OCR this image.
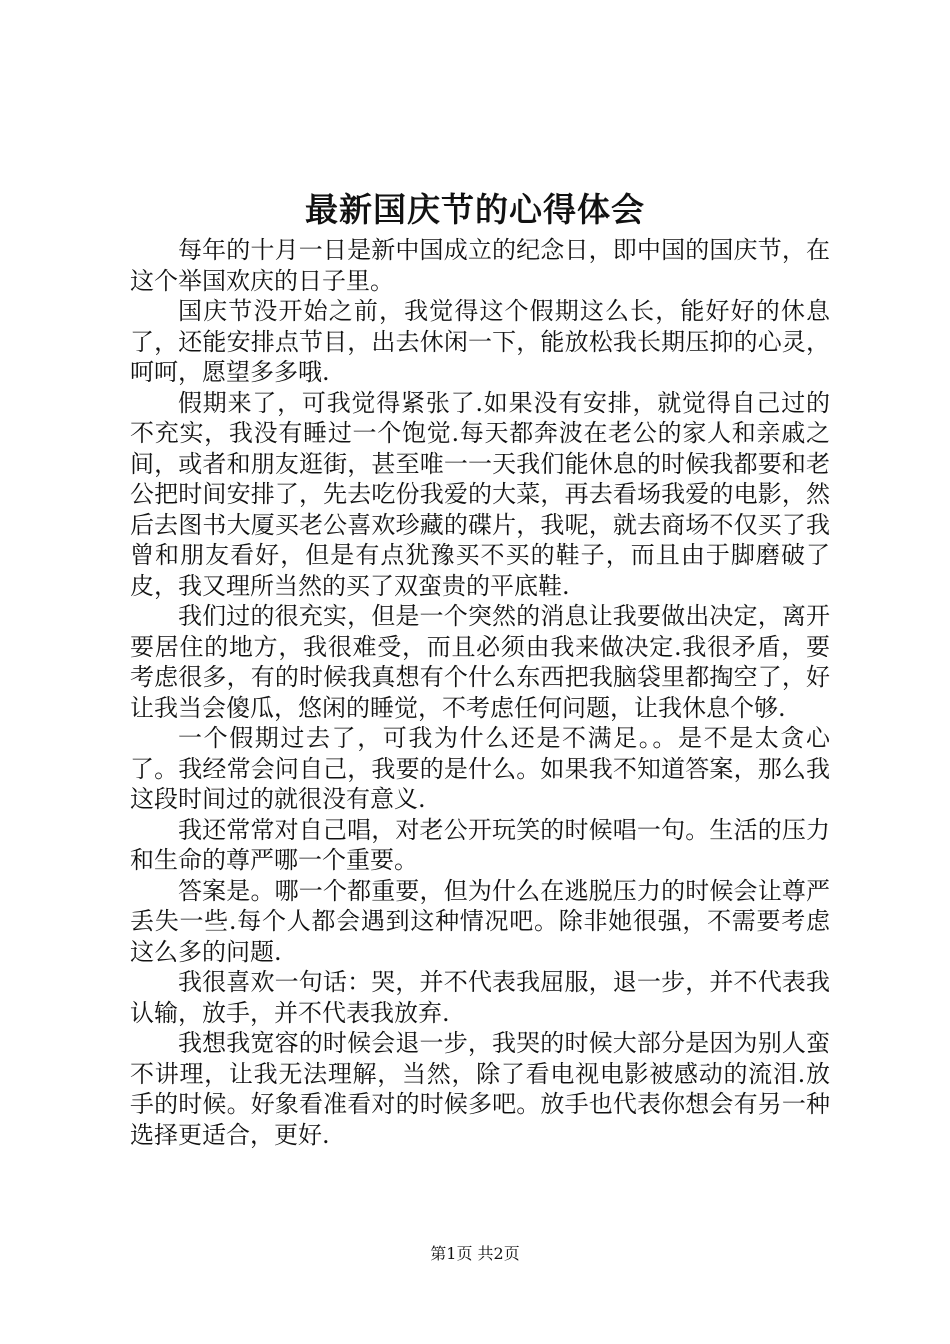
最新国庆节的心得体会

每年的十月一日是新中国成立的纪念日，即中国的国庆节，在这个举国欢庆的日子里。

国庆节没开始之前，我觉得这个假期这么长，能好好的休息了，还能安排点节目，出去休闲一下，能放松我长期压抑的心灵，呵呵，愿望多多哦.

假期来了，可我觉得紧张了.如果没有安排，就觉得自己过的不充实，我没有睡过一个饱觉.每天都奔波在老公的家人和亲戚之间，或者和朋友逛街，甚至唯一一天我们能休息的时候我都要和老公把时间安排了，先去吃份我爱的大菜，再去看场我爱的电影，然后去图书大厦买老公喜欢珍藏的碟片，我呢，就去商场不仅买了我曾和朋友看好，但是有点犹豫买不买的鞋子，而且由于脚磨破了皮，我又理所当然的买了双蛮贵的平底鞋.

我们过的很充实，但是一个突然的消息让我要做出决定，离开要居住的地方，我很难受，而且必须由我来做决定.我很矛盾，要考虑很多，有的时候我真想有个什么东西把我脑袋里都掏空了，好让我当会傻瓜，悠闲的睡觉，不考虑任何问题，让我休息个够.

一个假期过去了，可我为什么还是不满足。。是不是太贪心了。我经常会问自己，我要的是什么。如果我不知道答案，那么我这段时间过的就很没有意义.

我还常常对自己唱，对老公开玩笑的时候唱一句。生活的压力和生命的尊严哪一个重要。

答案是。哪一个都重要，但为什么在逃脱压力的时候会让尊严丢失一些.每个人都会遇到这种情况吧。除非她很强，不需要考虑这么多的问题.

我很喜欢一句话：哭，并不代表我屈服，退一步，并不代表我认输，放手，并不代表我放弃.

我想我宽容的时候会退一步，我哭的时候大部分是因为别人蛮不讲理，让我无法理解，当然，除了看电视电影被感动的流泪.放手的时候。好象看准看对的时候多吧。放手也代表你想会有另一种选择更适合，更好.

第1页 共2页
